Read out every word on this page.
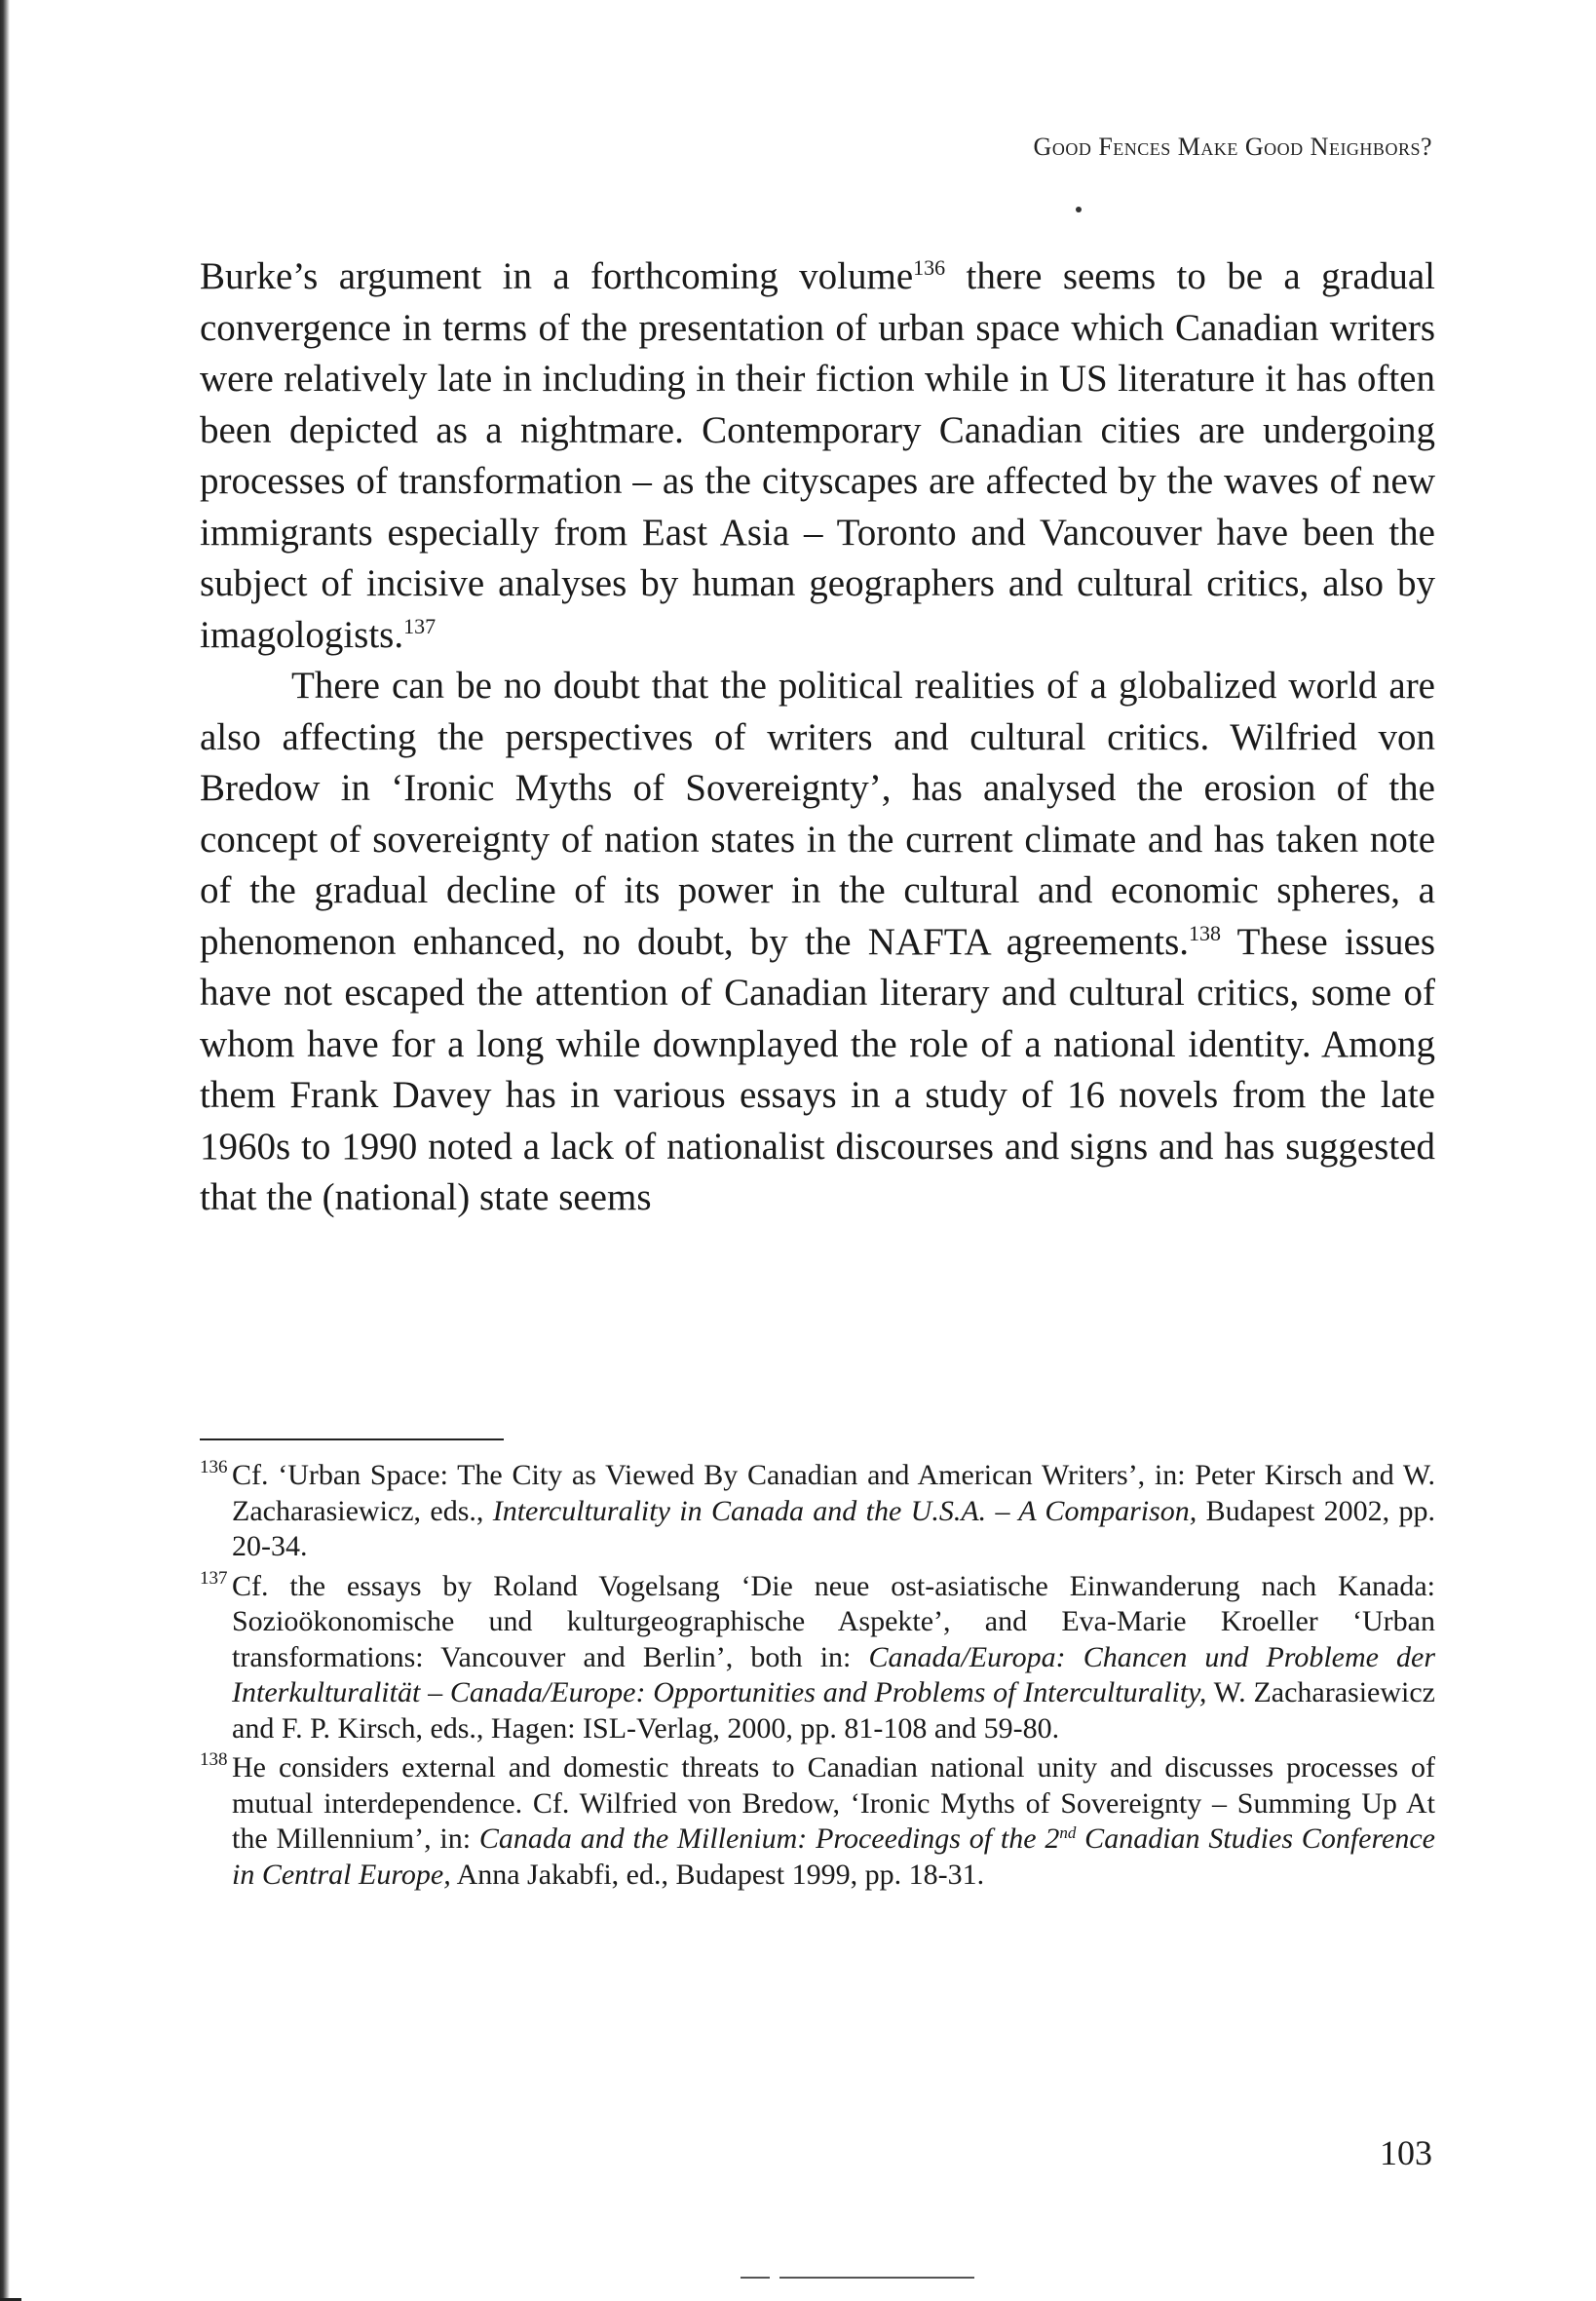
Good Fences Make Good Neighbors?

Burke’s argument in a forthcoming volume$^{136}$ there seems to be a gradual convergence in terms of the presentation of urban space which Canadian writers were relatively late in including in their fiction while in US literature it has often been depicted as a nightmare. Contemporary Canadian cities are undergoing processes of transformation – as the cityscapes are affected by the waves of new immigrants especially from East Asia – Toronto and Vancouver have been the subject of incisive analyses by human geographers and cultural critics, also by imagologists.$^{137}$

There can be no doubt that the political realities of a globalized world are also affecting the perspectives of writers and cultural critics. Wilfried von Bredow in ‘Ironic Myths of Sovereignty’, has analysed the erosion of the concept of sovereignty of nation states in the current climate and has taken note of the gradual decline of its power in the cultural and economic spheres, a phenomenon enhanced, no doubt, by the NAFTA agreements.$^{138}$ These issues have not escaped the attention of Canadian literary and cultural critics, some of whom have for a long while downplayed the role of a national identity. Among them Frank Davey has in various essays in a study of 16 novels from the late 1960s to 1990 noted a lack of nationalist discourses and signs and has suggested that the (national) state seems

136 Cf. ‘Urban Space: The City as Viewed By Canadian and American Writers’, in: Peter Kirsch and W. Zacharasiewicz, eds., Interculturality in Canada and the U.S.A. – A Comparison, Budapest 2002, pp. 20-34.
137 Cf. the essays by Roland Vogelsang ‘Die neue ost-asiatische Einwanderung nach Kanada: Sozioökonomische und kulturgeographische Aspekte’, and Eva-Marie Kroeller ‘Urban transformations: Vancouver and Berlin’, both in: Canada/Europa: Chancen und Probleme der Interkulturalität – Canada/Europe: Opportunities and Problems of Interculturality, W. Zacharasiewicz and F. P. Kirsch, eds., Hagen: ISL-Verlag, 2000, pp. 81-108 and 59-80.
138 He considers external and domestic threats to Canadian national unity and discusses processes of mutual interdependence. Cf. Wilfried von Bredow, ‘Ironic Myths of Sovereignty – Summing Up At the Millennium’, in: Canada and the Millenium: Proceedings of the 2nd Canadian Studies Conference in Central Europe, Anna Jakabfi, ed., Budapest 1999, pp. 18-31.
103
